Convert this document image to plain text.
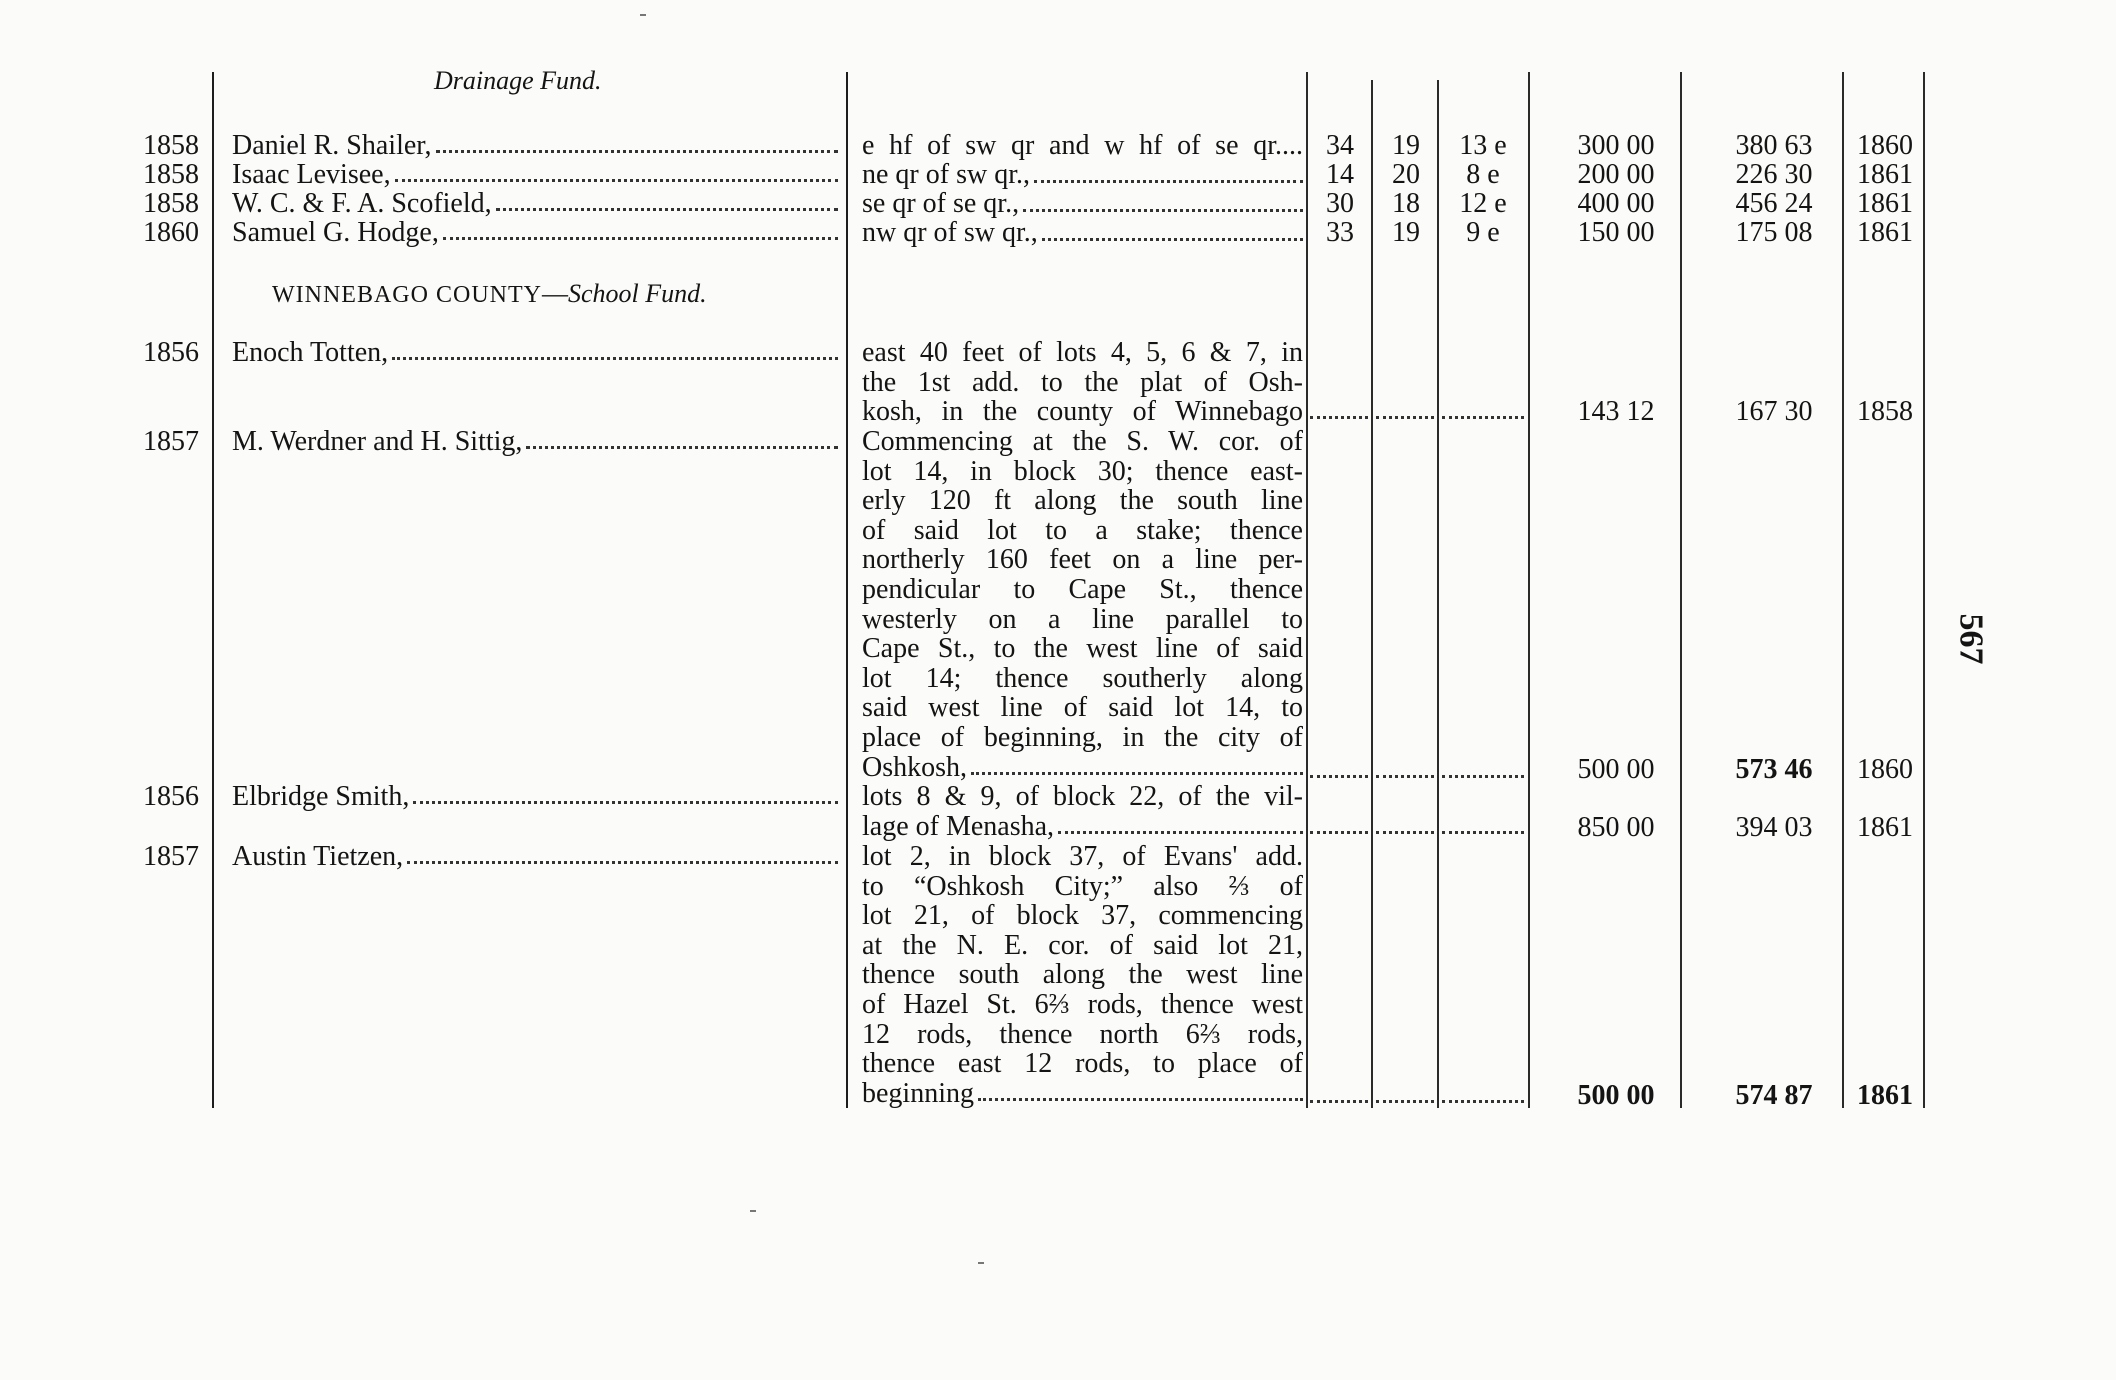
567
Drainage Fund.
1858 Daniel R. Shailer,	e hf of sw qr and w hf of se qr.... 34	19	13 e	300 00	380 63	1860
1858 Isaac Levisee,	ne qr of sw qr.,	14	20	8 e	200 00	226 30	1861
1858 W. C. & F. A. Scofield,	se qr of se qr.,	30	18	12 e	400 00	456 24	1861
1860 Samuel G. Hodge,	nw qr of sw qr.,	33	19	9 e	150 00	175 08	1861
WINNEBAGO COUNTY—School Fund.
1856 Enoch Totten,	east 40 feet of lots 4, 5, 6 & 7, in
the 1st add. to the plat of Osh-
kosh, in the county of Winnebago	143 12	167 30	1858
1857 M. Werdner and H. Sittig,	Commencing at the S. W. cor. of
lot 14, in block 30; thence east-
erly 120 ft along the south line
of said lot to a stake; thence
northerly 160 feet on a line per-
pendicular to Cape St., thence
westerly on a line parallel to
Cape St., to the west line of said
lot 14; thence southerly along
said west line of said lot 14, to
place of beginning, in the city of
Oshkosh,	500 00	573 46	1860
1856 Elbridge Smith,	lots 8 & 9, of block 22, of the vil-
lage of Menasha,	850 00	394 03	1861
1857 Austin Tietzen,	lot 2, in block 37, of Evans' add.
to “Oshkosh City;” also ⅔ of
lot 21, of block 37, commencing
at the N. E. cor. of said lot 21,
thence south along the west line
of Hazel St. 6⅔ rods, thence west
12 rods, thence north 6⅔ rods,
thence east 12 rods, to place of
beginning	500 00	574 87	1861
